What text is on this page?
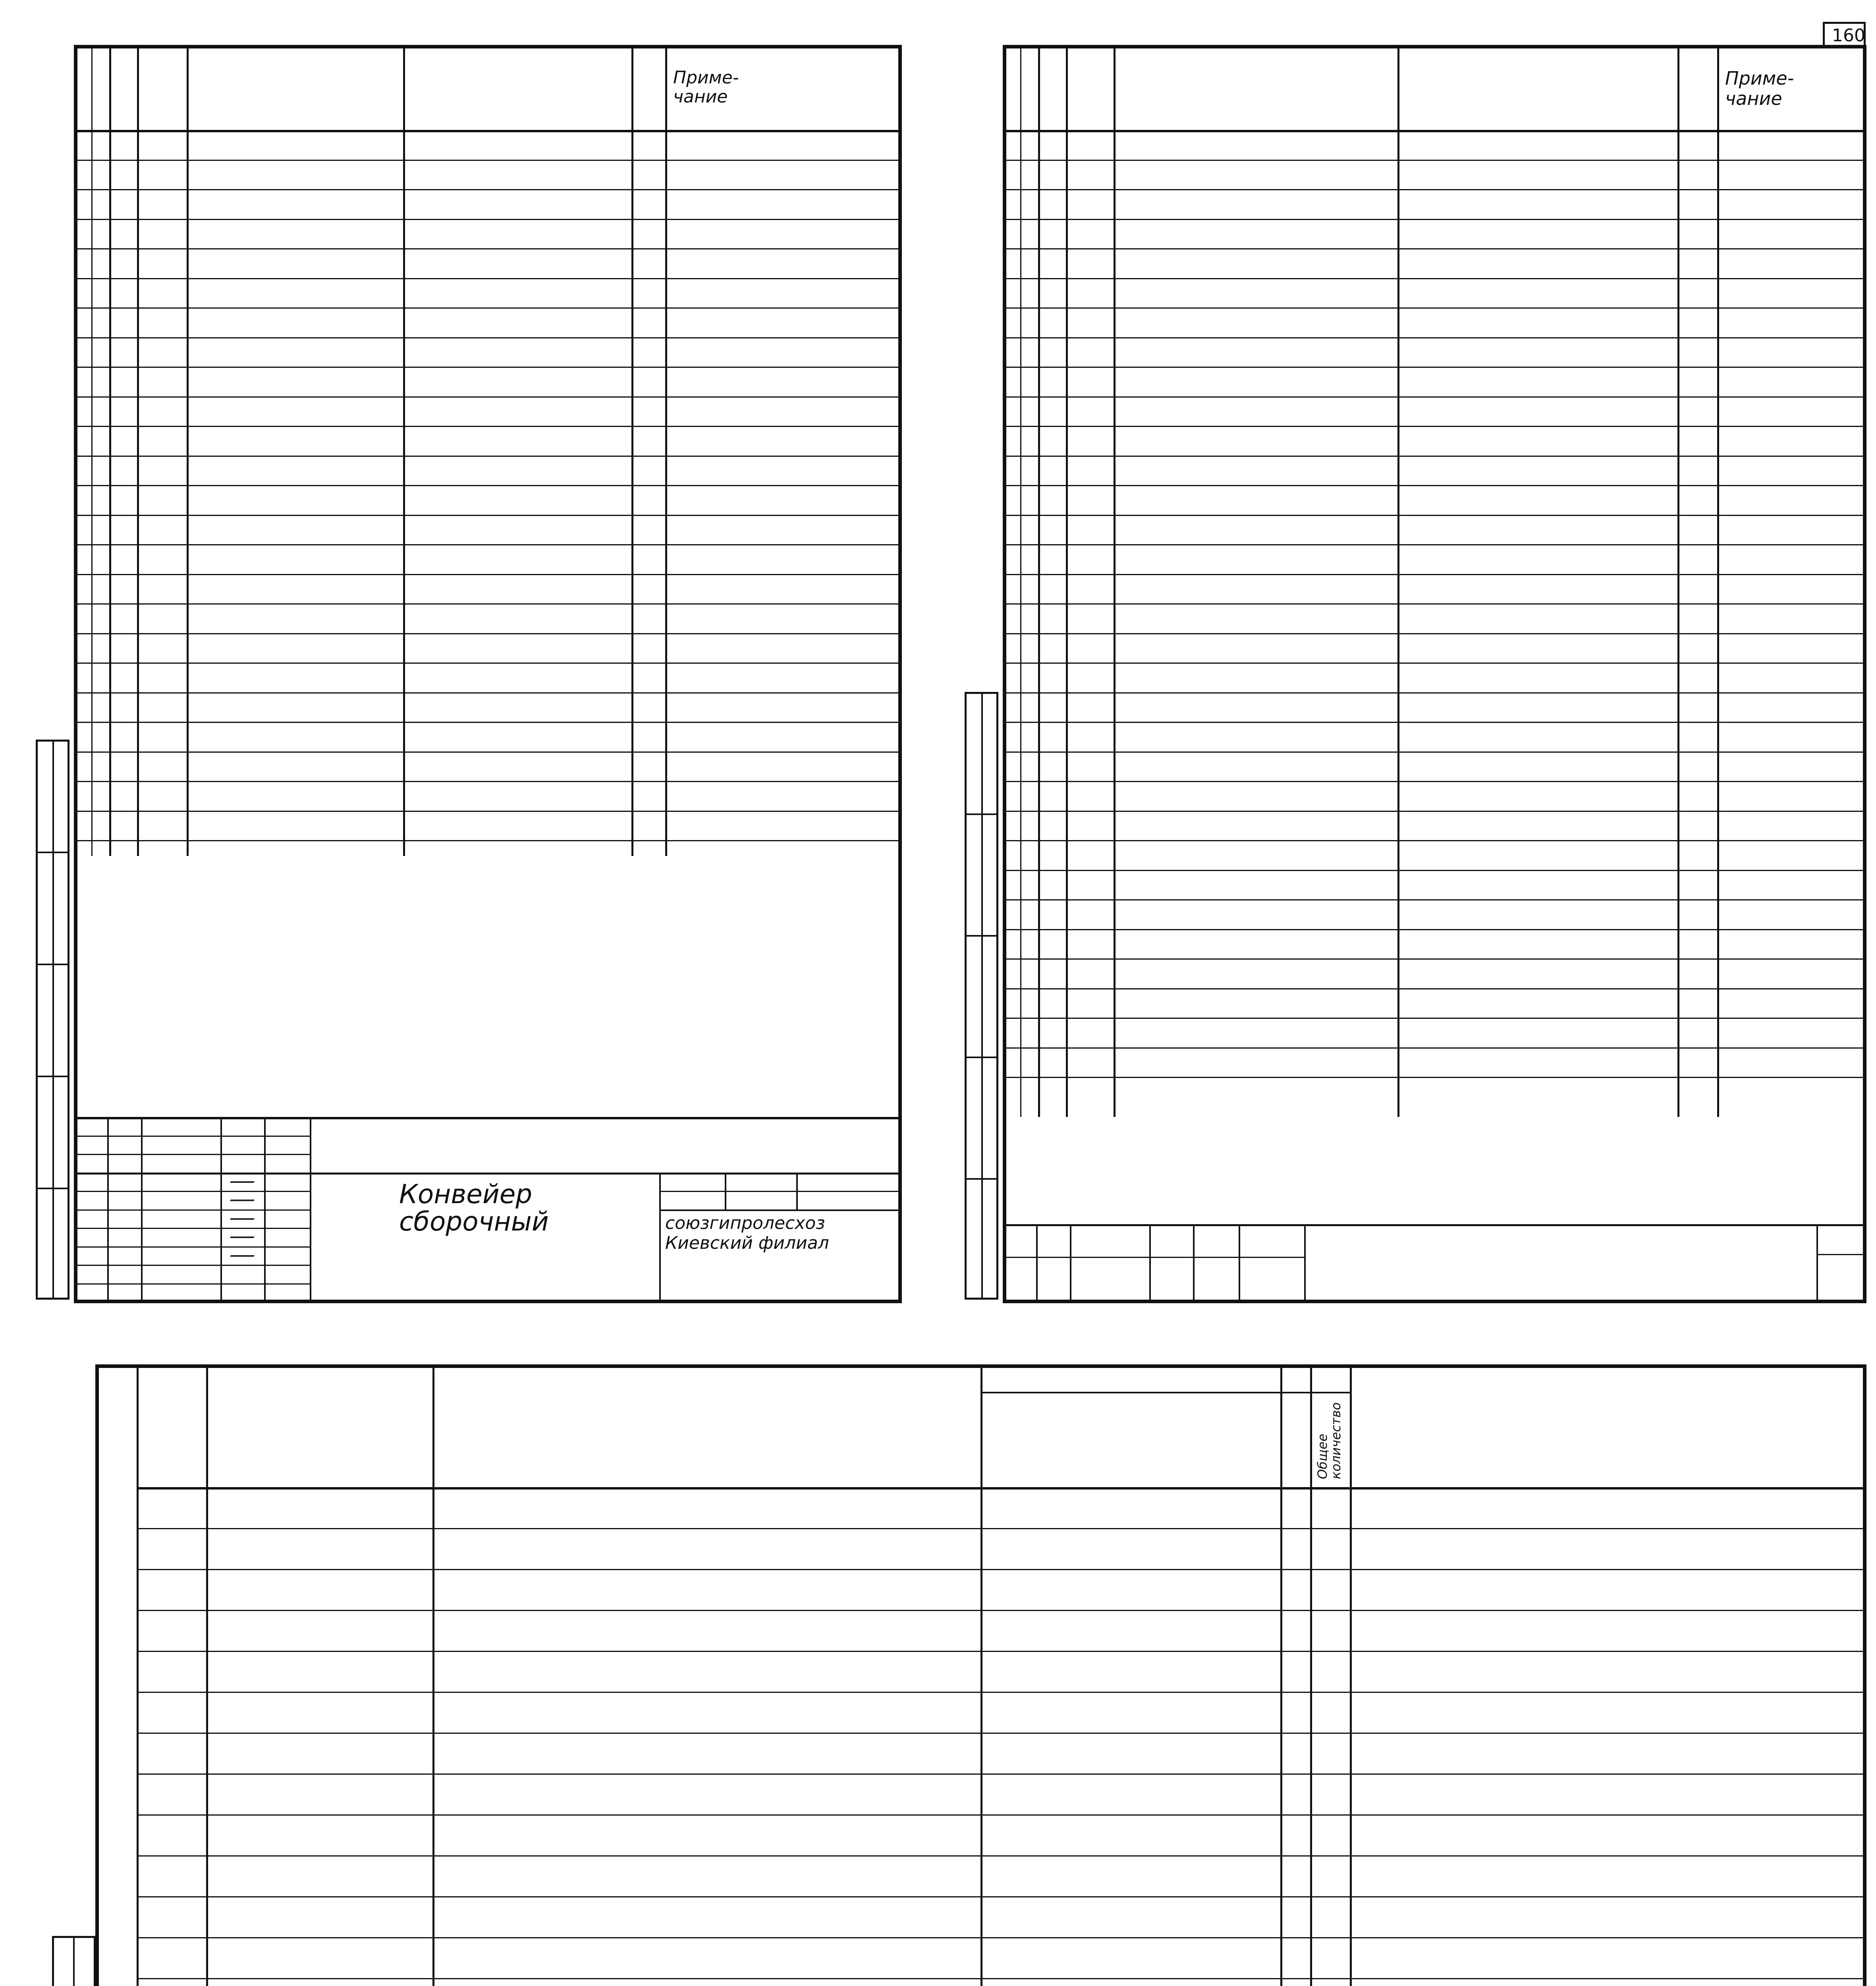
160
Приме-
чание
Конвейер
сборочный	союзгипролесхоз
Киевский филиал
Приме-
чание
Общее
количество
